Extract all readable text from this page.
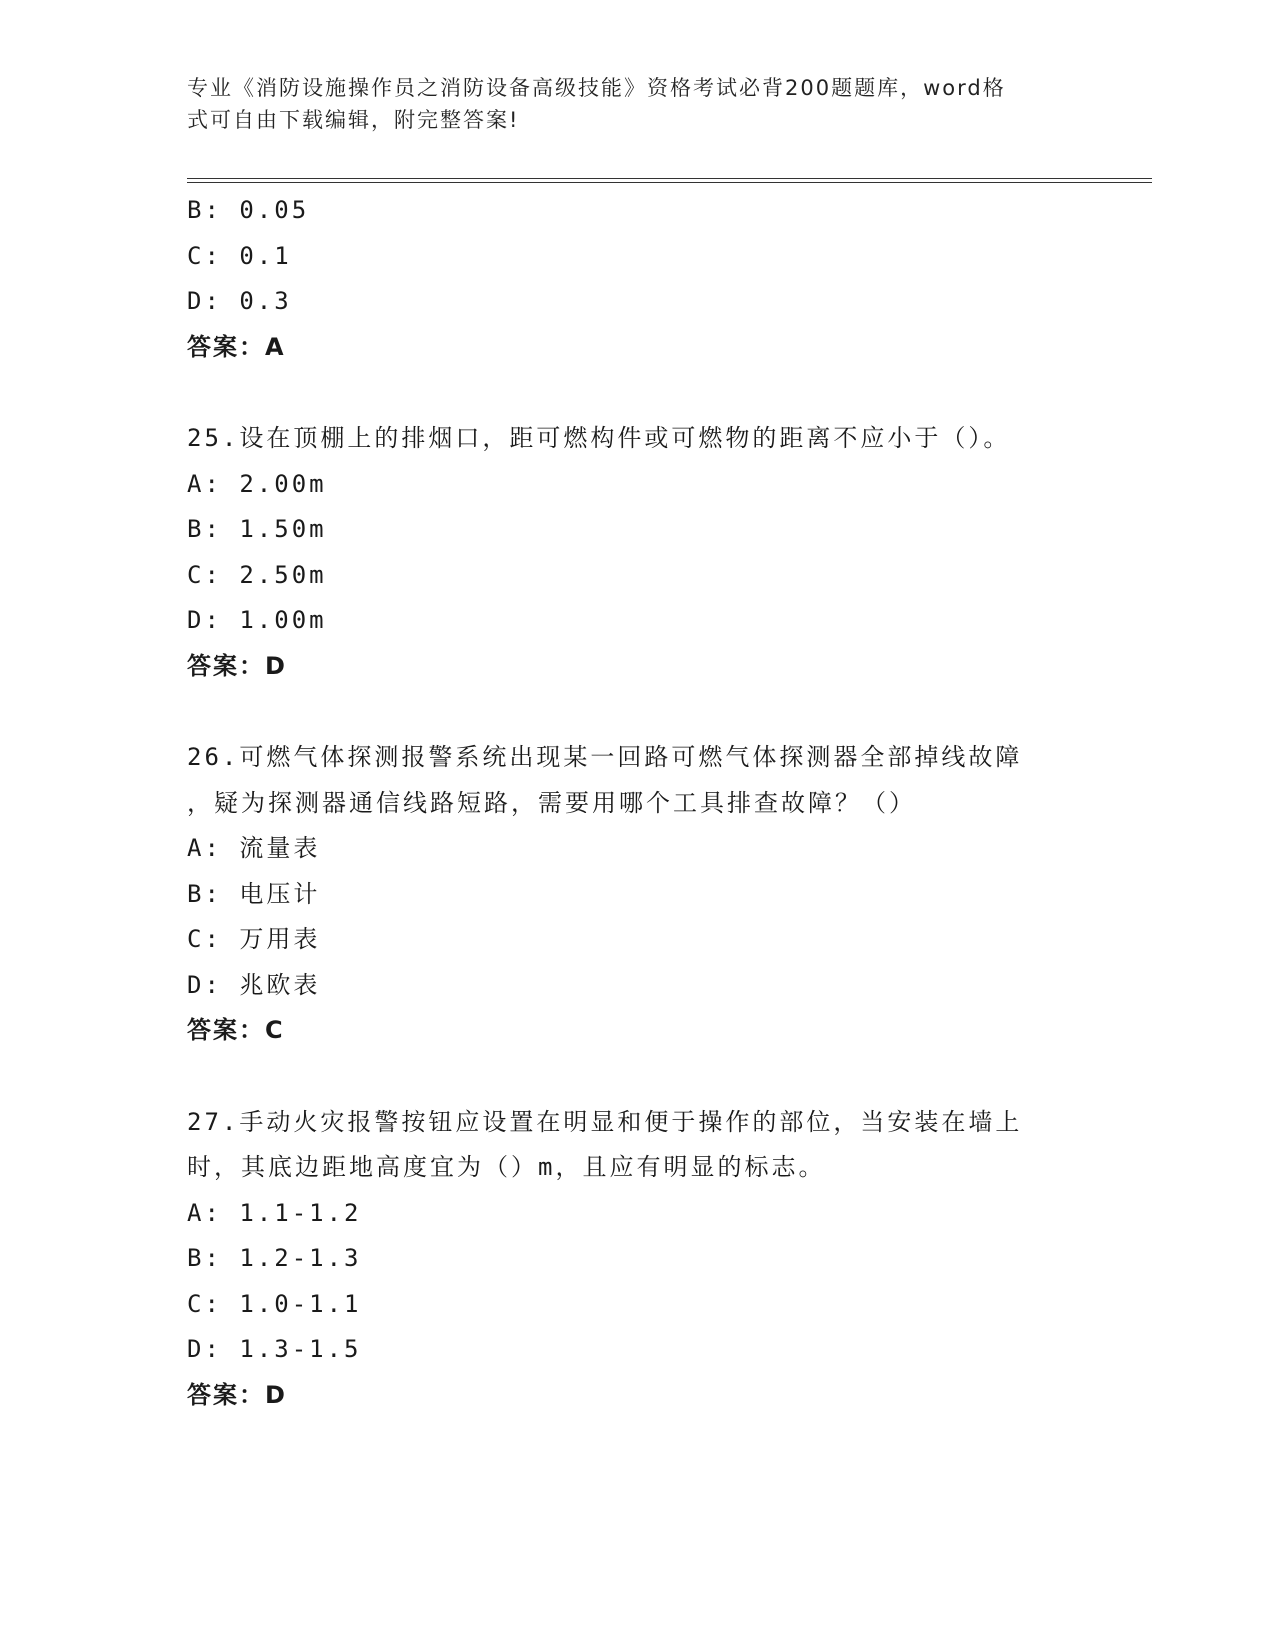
专业《消防设施操作员之消防设备高级技能》资格考试必背200题题库，word格
式可自由下载编辑，附完整答案!
B: 0.05
C: 0.1
D: 0.3
答案：A
25.设在顶棚上的排烟口，距可燃构件或可燃物的距离不应小于（）。
A: 2.00m
B: 1.50m
C: 2.50m
D: 1.00m
答案：D
26.可燃气体探测报警系统出现某一回路可燃气体探测器全部掉线故障
，疑为探测器通信线路短路，需要用哪个工具排查故障？（）
A: 流量表
B: 电压计
C: 万用表
D: 兆欧表
答案：C
27.手动火灾报警按钮应设置在明显和便于操作的部位，当安装在墙上
时，其底边距地高度宜为（）m，且应有明显的标志。
A: 1.1-1.2
B: 1.2-1.3
C: 1.0-1.1
D: 1.3-1.5
答案：D
